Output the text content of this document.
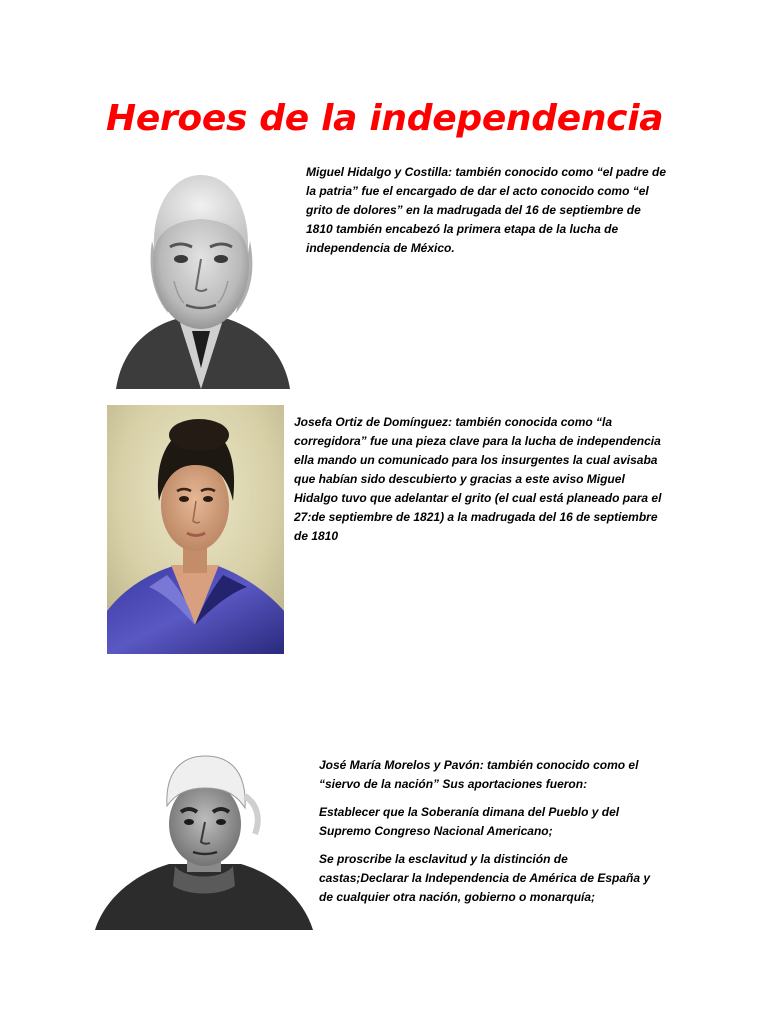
Heroes de la independencia

Miguel Hidalgo y Costilla: también conocido como “el padre de la patria” fue el encargado de dar el acto conocido como “el grito de dolores” en la madrugada del 16 de septiembre de 1810 también encabezó la primera etapa de la lucha de independencia de México.

Josefa Ortiz de Domínguez: también conocida como “la corregidora” fue una pieza clave para la lucha de independencia ella mando un comunicado para los insurgentes la cual avisaba que habían sido descubierto y gracias a este aviso Miguel Hidalgo tuvo que adelantar el grito (el cual está planeado para el 27:de septiembre de 1821) a la madrugada del 16 de septiembre de 1810

José María Morelos y Pavón: también conocido como el “siervo de la nación” Sus aportaciones fueron:

Establecer que la Soberanía dimana del Pueblo y del Supremo Congreso Nacional Americano;

Se proscribe la esclavitud y la distinción de castas;Declarar la Independencia de América de España y de cualquier otra nación, gobierno o monarquía;
